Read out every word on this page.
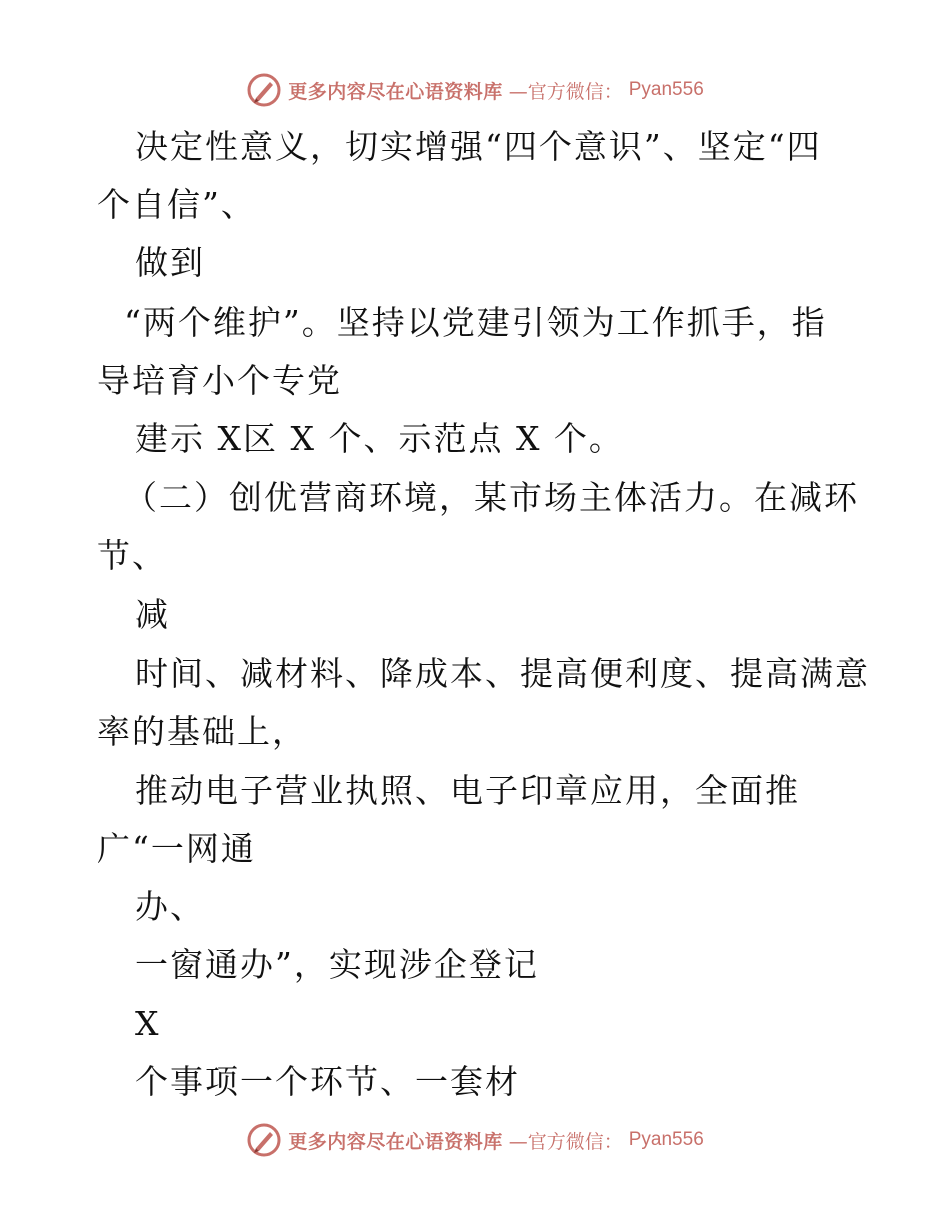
更多内容尽在心语资料库 —官方微信： Pyan556
决定性意义，切实增强“四个意识”、坚定“四
个自信”、
做到
“两个维护”。坚持以党建引领为工作抓手，指
导培育小个专党
建示 X区 X 个、示范点 X 个。
（二）创优营商环境，某市场主体活力。在减环
节、
减
时间、减材料、降成本、提高便利度、提高满意
率的基础上，
推动电子营业执照、电子印章应用，全面推
广“一网通
办、
一窗通办”，实现涉企登记
X
个事项一个环节、一套材
更多内容尽在心语资料库 —官方微信： Pyan556
